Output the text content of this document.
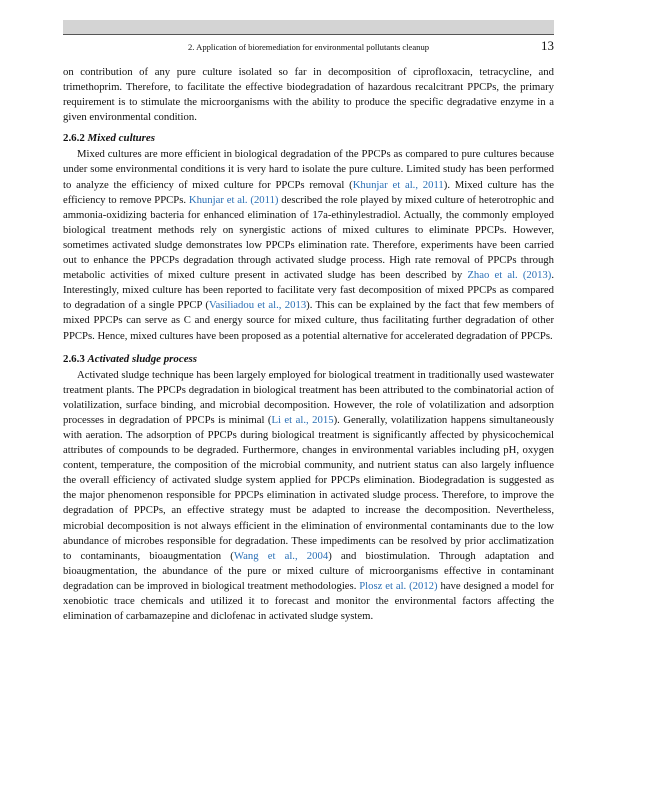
2. Application of bioremediation for environmental pollutants cleanup	13

on contribution of any pure culture isolated so far in decomposition of ciprofloxacin, tetracycline, and trimethoprim. Therefore, to facilitate the effective biodegradation of hazardous recalcitrant PPCPs, the primary requirement is to stimulate the microorganisms with the ability to produce the specific degradative enzyme in a given environmental condition.

2.6.2 Mixed cultures

Mixed cultures are more efficient in biological degradation of the PPCPs as compared to pure cultures because under some environmental conditions it is very hard to isolate the pure culture. Limited study has been performed to analyze the efficiency of mixed culture for PPCPs removal (Khunjar et al., 2011). Mixed culture has the efficiency to remove PPCPs. Khunjar et al. (2011) described the role played by mixed culture of heterotrophic and ammonia-oxidizing bacteria for enhanced elimination of 17a-ethinylestradiol. Actually, the commonly employed biological treatment methods rely on synergistic actions of mixed cultures to eliminate PPCPs. However, sometimes activated sludge demonstrates low PPCPs elimination rate. Therefore, experiments have been carried out to enhance the PPCPs degradation through activated sludge process. High rate removal of PPCPs through metabolic activities of mixed culture present in activated sludge has been described by Zhao et al. (2013). Interestingly, mixed culture has been reported to facilitate very fast decomposition of mixed PPCPs as compared to degradation of a single PPCP (Vasiliadou et al., 2013). This can be explained by the fact that few members of mixed PPCPs can serve as C and energy source for mixed culture, thus facilitating further degradation of other PPCPs. Hence, mixed cultures have been proposed as a potential alternative for accelerated degradation of PPCPs.

2.6.3 Activated sludge process

Activated sludge technique has been largely employed for biological treatment in traditionally used wastewater treatment plants. The PPCPs degradation in biological treatment has been attributed to the combinatorial action of volatilization, surface binding, and microbial decomposition. However, the role of volatilization and adsorption processes in degradation of PPCPs is minimal (Li et al., 2015). Generally, volatilization happens simultaneously with aeration. The adsorption of PPCPs during biological treatment is significantly affected by physicochemical attributes of compounds to be degraded. Furthermore, changes in environmental variables including pH, oxygen content, temperature, the composition of the microbial community, and nutrient status can also largely influence the overall efficiency of activated sludge system applied for PPCPs elimination. Biodegradation is suggested as the major phenomenon responsible for PPCPs elimination in activated sludge process. Therefore, to improve the degradation of PPCPs, an effective strategy must be adapted to increase the decomposition. Nevertheless, microbial decomposition is not always efficient in the elimination of environmental contaminants due to the low abundance of microbes responsible for degradation. These impediments can be resolved by prior acclimatization to contaminants, bioaugmentation (Wang et al., 2004) and biostimulation. Through adaptation and bioaugmentation, the abundance of the pure or mixed culture of microorganisms effective in contaminant degradation can be improved in biological treatment methodologies. Plosz et al. (2012) have designed a model for xenobiotic trace chemicals and utilized it to forecast and monitor the environmental factors affecting the elimination of carbamazepine and diclofenac in activated sludge system.
